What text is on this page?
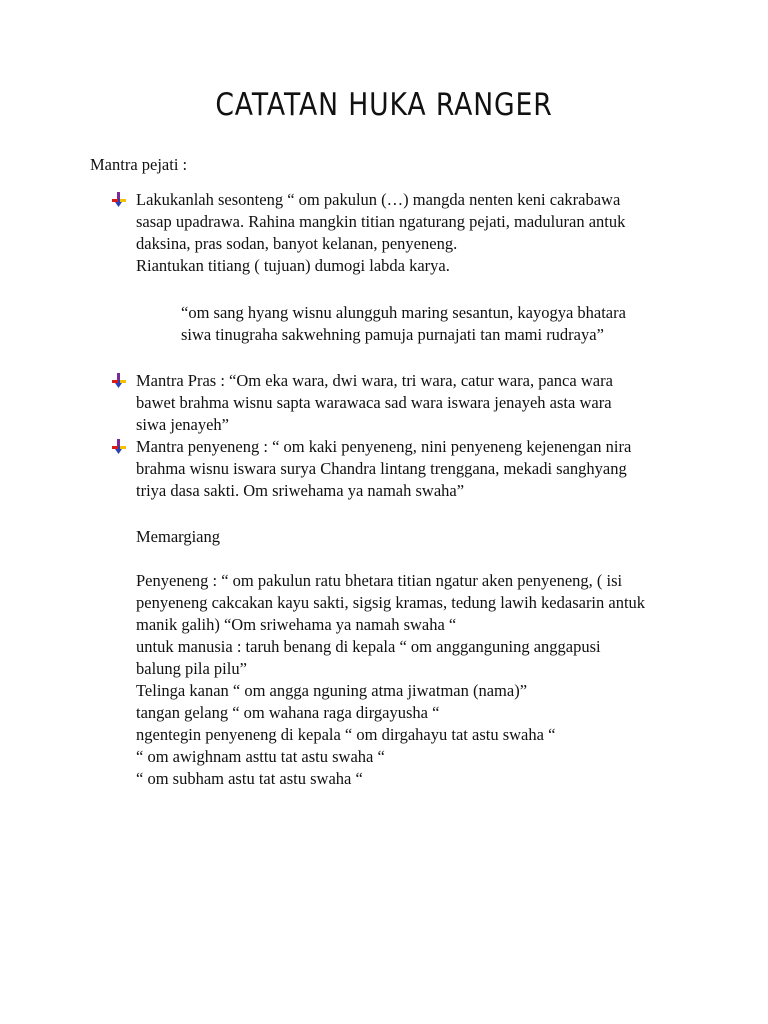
CATATAN HUKA RANGER
Mantra pejati :

Lakukanlah sesonteng “ om pakulun (…) mangda nenten keni cakrabawa

sasap upadrawa. Rahina mangkin titian ngaturang pejati, maduluran antuk

daksina, pras sodan, banyot kelanan, penyeneng.

Riantukan titiang ( tujuan) dumogi labda karya.

“om sang hyang wisnu alungguh maring sesantun, kayogya bhatara

siwa tinugraha sakwehning pamuja purnajati tan mami rudraya”

Mantra Pras : “Om eka wara, dwi wara, tri wara, catur wara, panca wara

bawet brahma wisnu sapta warawaca sad wara iswara jenayeh asta wara

siwa jenayeh”

Mantra penyeneng : “ om kaki penyeneng, nini penyeneng kejenengan nira

brahma wisnu iswara surya Chandra lintang trenggana, mekadi sanghyang

triya dasa sakti. Om sriwehama ya namah swaha”

Memargiang

Penyeneng : “ om pakulun ratu bhetara titian ngatur aken penyeneng, ( isi

penyeneng cakcakan kayu sakti, sigsig kramas, tedung lawih kedasarin antuk

manik galih) “Om sriwehama ya namah swaha “

untuk manusia : taruh benang di kepala “ om angganguning anggapusi

balung pila pilu”

Telinga kanan “ om angga nguning atma jiwatman (nama)”

tangan gelang “ om wahana raga dirgayusha “

ngentegin penyeneng di kepala “ om dirgahayu tat astu swaha “

“ om awighnam asttu tat astu swaha “

“ om subham astu tat astu swaha “
